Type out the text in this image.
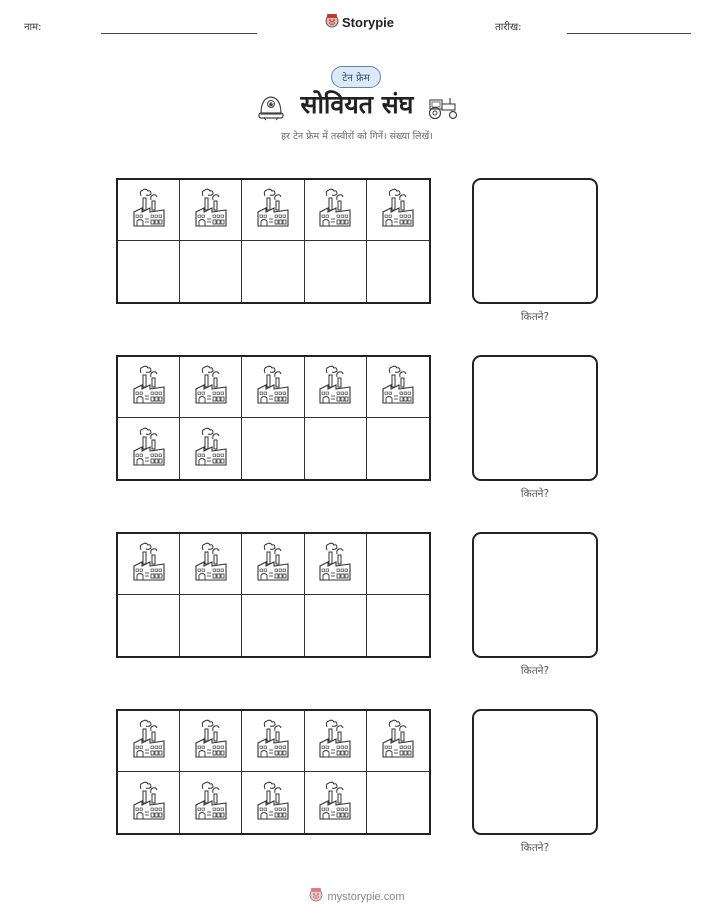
नाम:	Storypie	तारीख:
टेन फ्रेम
सोवियत संघ
हर टेन फ्रेम में तस्वीरों को गिनें। संख्या लिखें।
कितने?
कितने?
कितने?
कितने?
mystorypie.com
